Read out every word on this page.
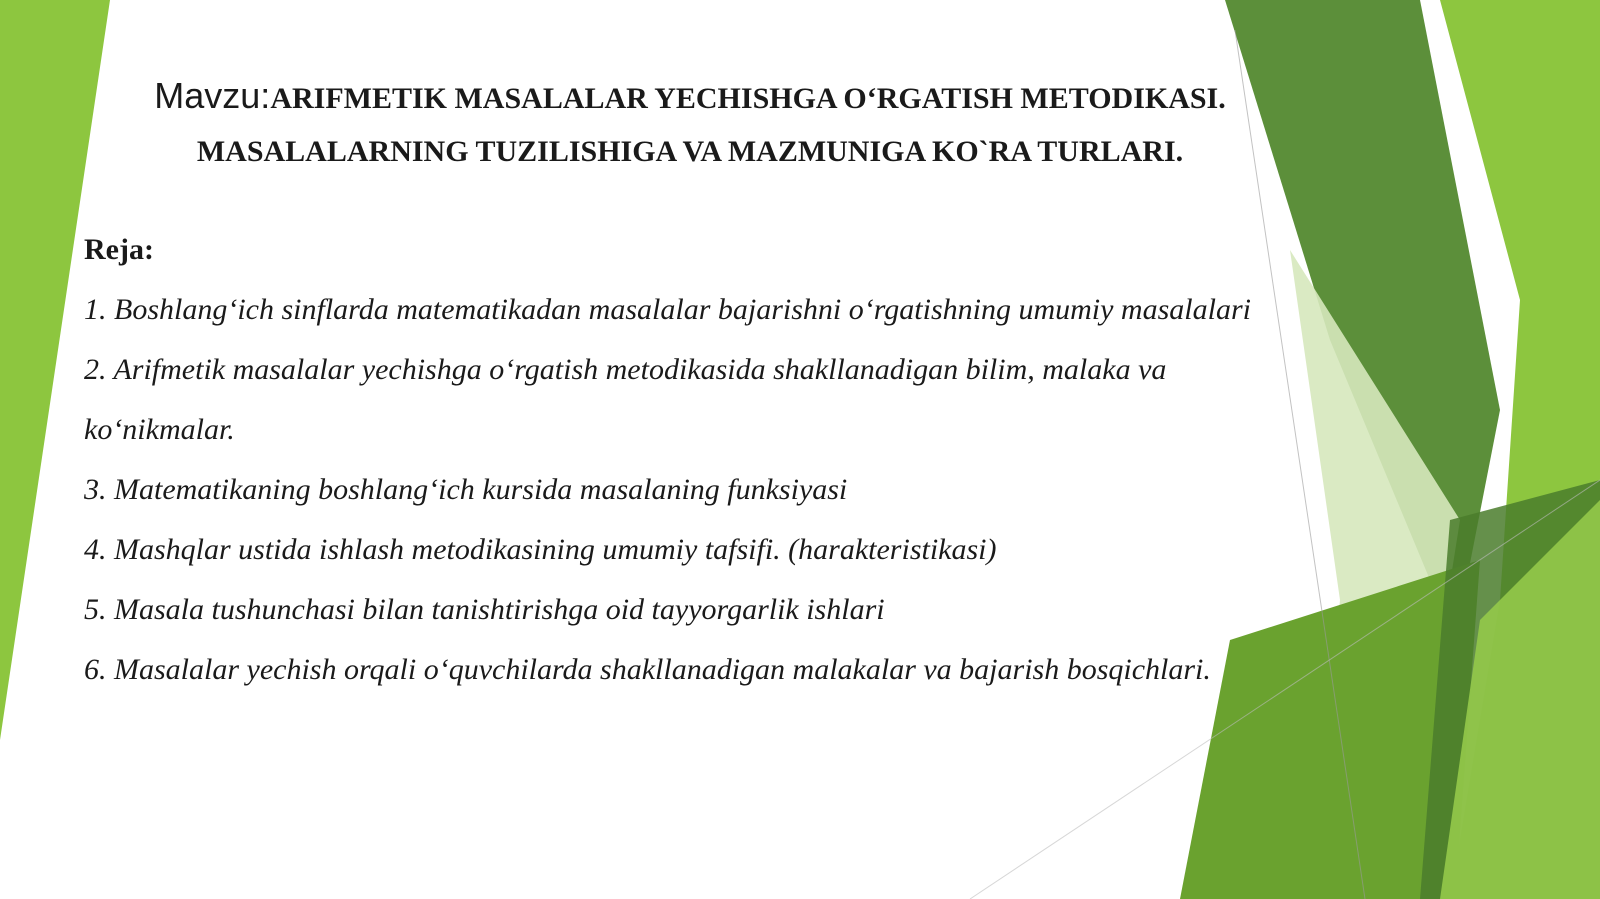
Mavzu:ARIFMETIK MASALALAR YECHISHGA O‘RGATISH METODIKASI.
MASALALARNING TUZILISHIGA VA MAZMUNIGA KO`RA TURLARI.

Reja:

1. Boshlang‘ich sinflarda matematikadan masalalar bajarishni o‘rgatishning umumiy masalalari
2. Arifmetik masalalar yechishga o‘rgatish metodikasida shakllanadigan bilim, malaka va ko‘nikmalar.
3. Matematikaning boshlang‘ich kursida masalaning funksiyasi
4. Mashqlar ustida ishlash metodikasining umumiy tafsifi. (harakteristikasi)
5. Masala tushunchasi bilan tanishtirishga oid tayyorgarlik ishlari
6. Masalalar yechish orqali o‘quvchilarda shakllanadigan malakalar va bajarish bosqichlari.
